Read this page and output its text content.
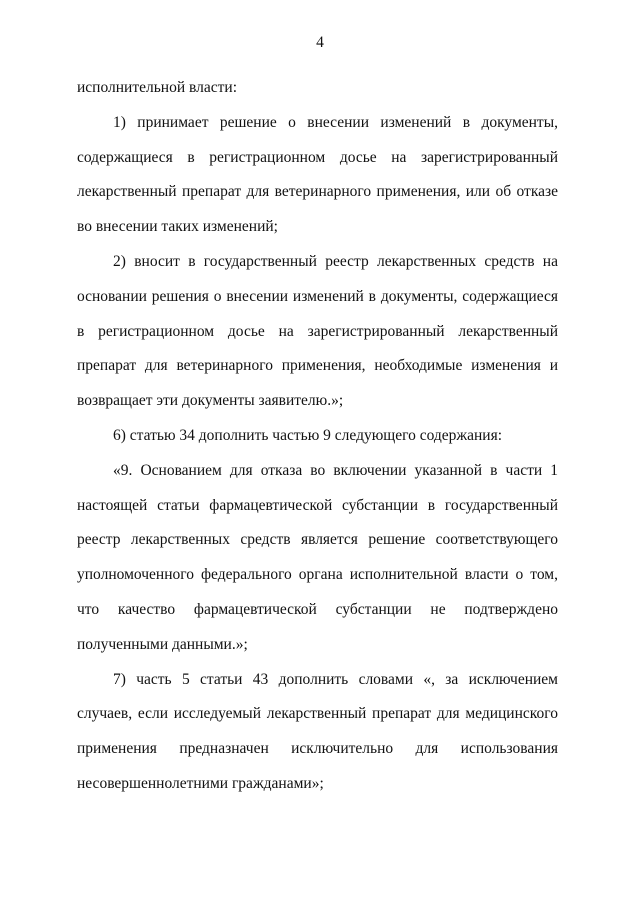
4

исполнительной власти:

1) принимает решение о внесении изменений в документы, содержащиеся в регистрационном досье на зарегистрированный лекарственный препарат для ветеринарного применения, или об отказе во внесении таких изменений;

2) вносит в государственный реестр лекарственных средств на основании решения о внесении изменений в документы, содержащиеся в регистрационном досье на зарегистрированный лекарственный препарат для ветеринарного применения, необходимые изменения и возвращает эти документы заявителю.»;

6) статью 34 дополнить частью 9 следующего содержания:

«9. Основанием для отказа во включении указанной в части 1 настоящей статьи фармацевтической субстанции в государственный реестр лекарственных средств является решение соответствующего уполномоченного федерального органа исполнительной власти о том, что качество фармацевтической субстанции не подтверждено полученными данными.»;

7) часть 5 статьи 43 дополнить словами «, за исключением случаев, если исследуемый лекарственный препарат для медицинского применения предназначен исключительно для использования несовершеннолетними гражданами»;
